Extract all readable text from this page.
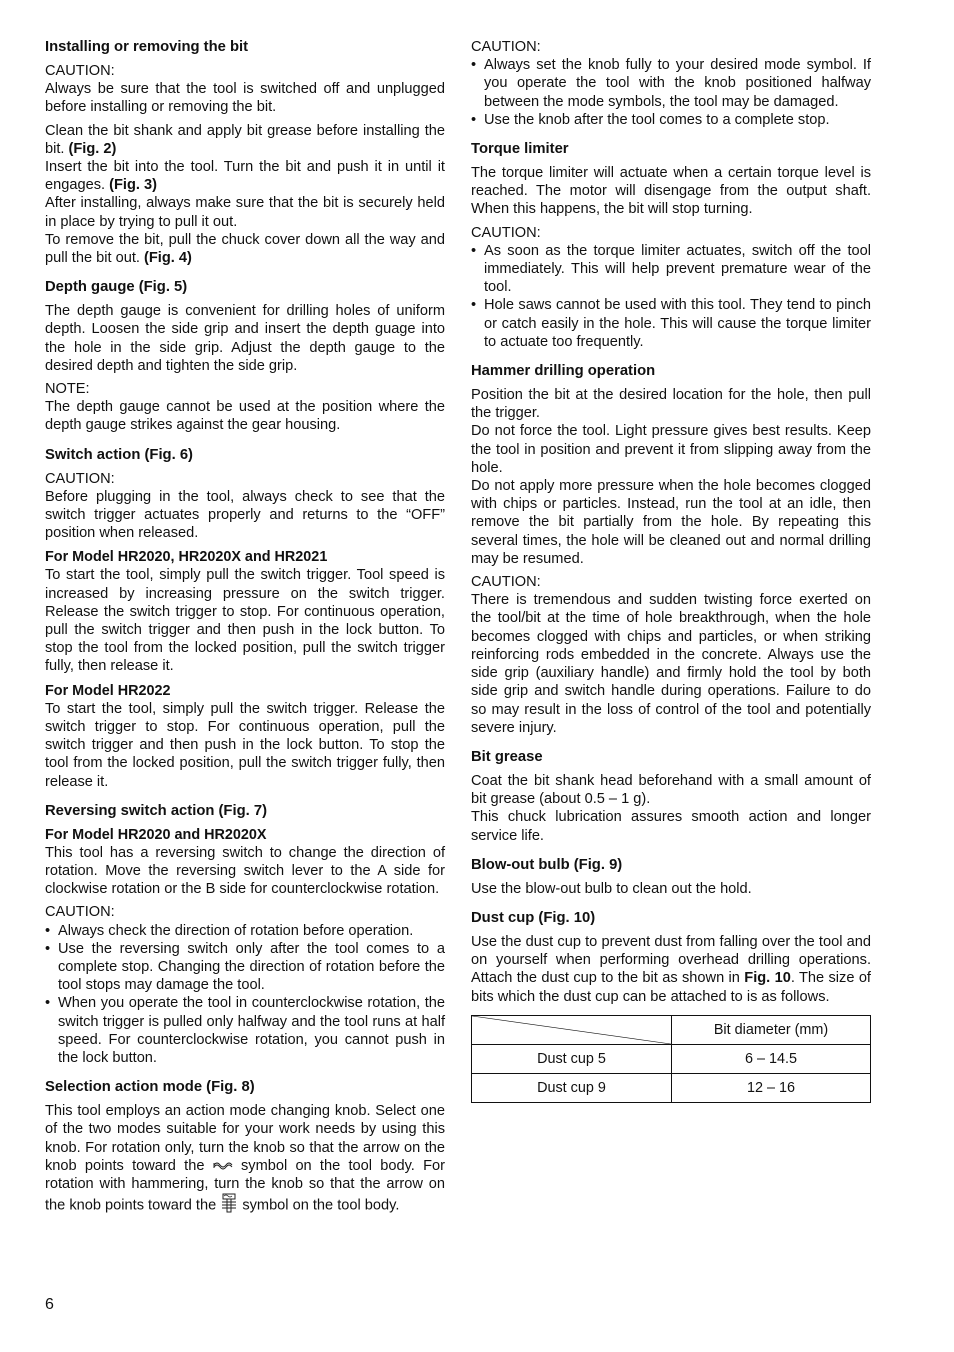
Installing or removing the bit
CAUTION:

Always be sure that the tool is switched off and unplugged before installing or removing the bit.

Clean the bit shank and apply bit grease before installing the bit. (Fig. 2)

Insert the bit into the tool. Turn the bit and push it in until it engages. (Fig. 3)

After installing, always make sure that the bit is securely held in place by trying to pull it out.

To remove the bit, pull the chuck cover down all the way and pull the bit out. (Fig. 4)

Depth gauge (Fig. 5)

The depth gauge is convenient for drilling holes of uniform depth. Loosen the side grip and insert the depth guage into the hole in the side grip. Adjust the depth gauge to the desired depth and tighten the side grip.

NOTE:

The depth gauge cannot be used at the position where the depth gauge strikes against the gear housing.

Switch action (Fig. 6)
CAUTION:

Before plugging in the tool, always check to see that the switch trigger actuates properly and returns to the “OFF” position when released.

For Model HR2020, HR2020X and HR2021

To start the tool, simply pull the switch trigger. Tool speed is increased by increasing pressure on the switch trigger. Release the switch trigger to stop. For continuous operation, pull the switch trigger and then push in the lock button. To stop the tool from the locked position, pull the switch trigger fully, then release it.

For Model HR2022

To start the tool, simply pull the switch trigger. Release the switch trigger to stop. For continuous operation, pull the switch trigger and then push in the lock button. To stop the tool from the locked position, pull the switch trigger fully, then release it.

Reversing switch action (Fig. 7)
For Model HR2020 and HR2020X

This tool has a reversing switch to change the direction of rotation. Move the reversing switch lever to the A side for clockwise rotation or the B side for counterclockwise rotation.

CAUTION:
• Always check the direction of rotation before operation.
• Use the reversing switch only after the tool comes to a complete stop. Changing the direction of rotation before the tool stops may damage the tool.
• When you operate the tool in counterclockwise rotation, the switch trigger is pulled only halfway and the tool runs at half speed. For counterclockwise rotation, you cannot push in the lock button.
Selection action mode (Fig. 8)

This tool employs an action mode changing knob. Select one of the two modes suitable for your work needs by using this knob. For rotation only, turn the knob so that the arrow on the knob points toward the	symbol on the tool body. For rotation with hammering, turn the knob so that the arrow on the knob points toward the symbol on the tool body.

CAUTION:
• Always set the knob fully to your desired mode symbol. If you operate the tool with the knob positioned halfway between the mode symbols, the tool may be damaged.
• Use the knob after the tool comes to a complete stop.
Torque limiter

The torque limiter will actuate when a certain torque level is reached. The motor will disengage from the output shaft. When this happens, the bit will stop turning.

CAUTION:
• As soon as the torque limiter actuates, switch off the tool immediately. This will help prevent premature wear of the tool.
• Hole saws cannot be used with this tool. They tend to pinch or catch easily in the hole. This will cause the torque limiter to actuate too frequently.
Hammer drilling operation

Position the bit at the desired location for the hole, then pull the trigger.

Do not force the tool. Light pressure gives best results. Keep the tool in position and prevent it from slipping away from the hole.

Do not apply more pressure when the hole becomes clogged with chips or particles. Instead, run the tool at an idle, then remove the bit partially from the hole. By repeating this several times, the hole will be cleaned out and normal drilling may be resumed.

CAUTION:

There is tremendous and sudden twisting force exerted on the tool/bit at the time of hole breakthrough, when the hole becomes clogged with chips and particles, or when striking reinforcing rods embedded in the concrete. Always use the side grip (auxiliary handle) and firmly hold the tool by both side grip and switch handle during operations. Failure to do so may result in the loss of control of the tool and potentially severe injury.

Bit grease

Coat the bit shank head beforehand with a small amount of bit grease (about 0.5 – 1 g).

This chuck lubrication assures smooth action and longer service life.

Blow-out bulb (Fig. 9)

Use the blow-out bulb to clean out the hold.

Dust cup (Fig. 10)

Use the dust cup to prevent dust from falling over the tool and on yourself when performing overhead drilling operations. Attach the dust cup to the bit as shown in Fig. 10. The size of bits which the dust cup can be attached to is as follows.

	Bit diameter (mm)
Dust cup 5	6 – 14.5
Dust cup 9	12 – 16
6
